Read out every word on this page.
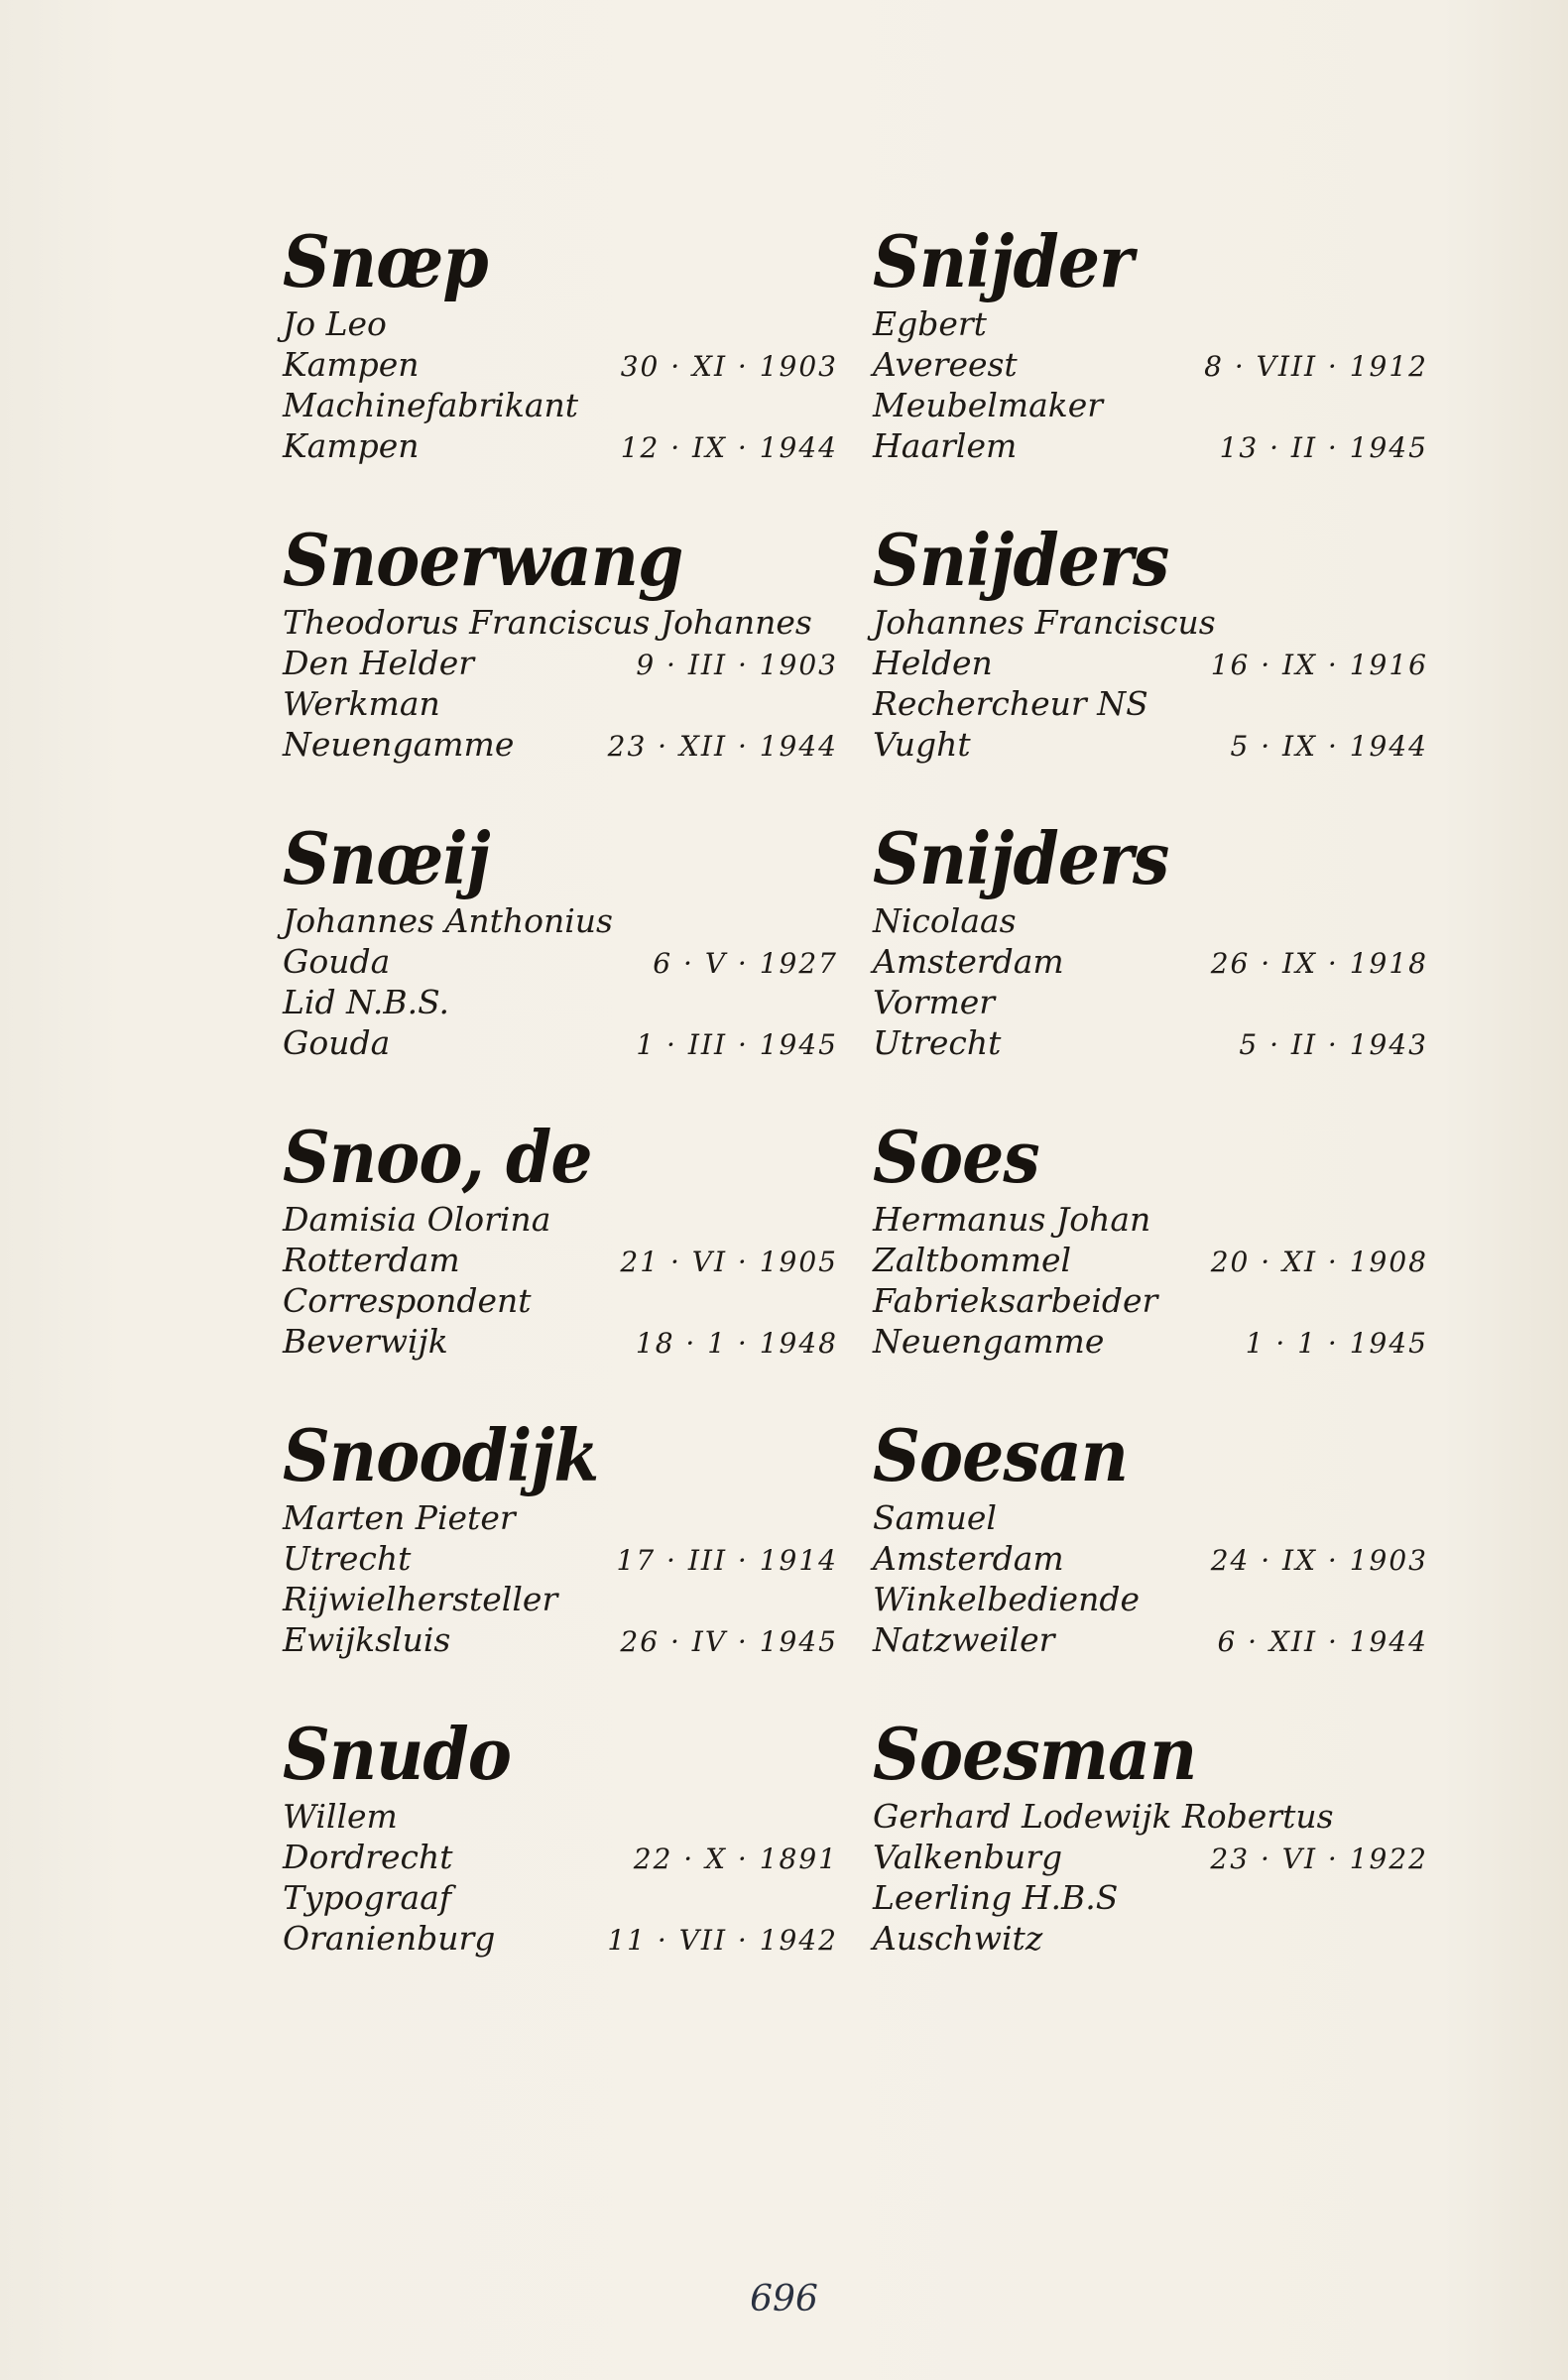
Snœp
Jo Leo
Kampen	30 · XI · 1903
Machinefabrikant
Kampen	12 · IX · 1944
Snoerwang
Theodorus Franciscus Johannes
Den Helder	9 · III · 1903
Werkman
Neuengamme	23 · XII · 1944
Snœij
Johannes Anthonius
Gouda	6 · V · 1927
Lid N.B.S.
Gouda	1 · III · 1945
Snoo, de
Damisia Olorina
Rotterdam	21 · VI · 1905
Correspondent
Beverwijk	18 · 1 · 1948
Snoodijk
Marten Pieter
Utrecht	17 · III · 1914
Rijwielhersteller
Ewijksluis	26 · IV · 1945
Snudo
Willem
Dordrecht	22 · X · 1891
Typograaf
Oranienburg	11 · VII · 1942
Snijder
Egbert
Avereest	8 · VIII · 1912
Meubelmaker
Haarlem	13 · II · 1945
Snijders
Johannes Franciscus
Helden	16 · IX · 1916
Rechercheur NS
Vught	5 · IX · 1944
Snijders
Nicolaas
Amsterdam	26 · IX · 1918
Vormer
Utrecht	5 · II · 1943
Soes
Hermanus Johan
Zaltbommel	20 · XI · 1908
Fabrieksarbeider
Neuengamme	1 · 1 · 1945
Soesan
Samuel
Amsterdam	24 · IX · 1903
Winkelbediende
Natzweiler	6 · XII · 1944
Soesman
Gerhard Lodewijk Robertus
Valkenburg	23 · VI · 1922
Leerling H.B.S
Auschwitz
696
